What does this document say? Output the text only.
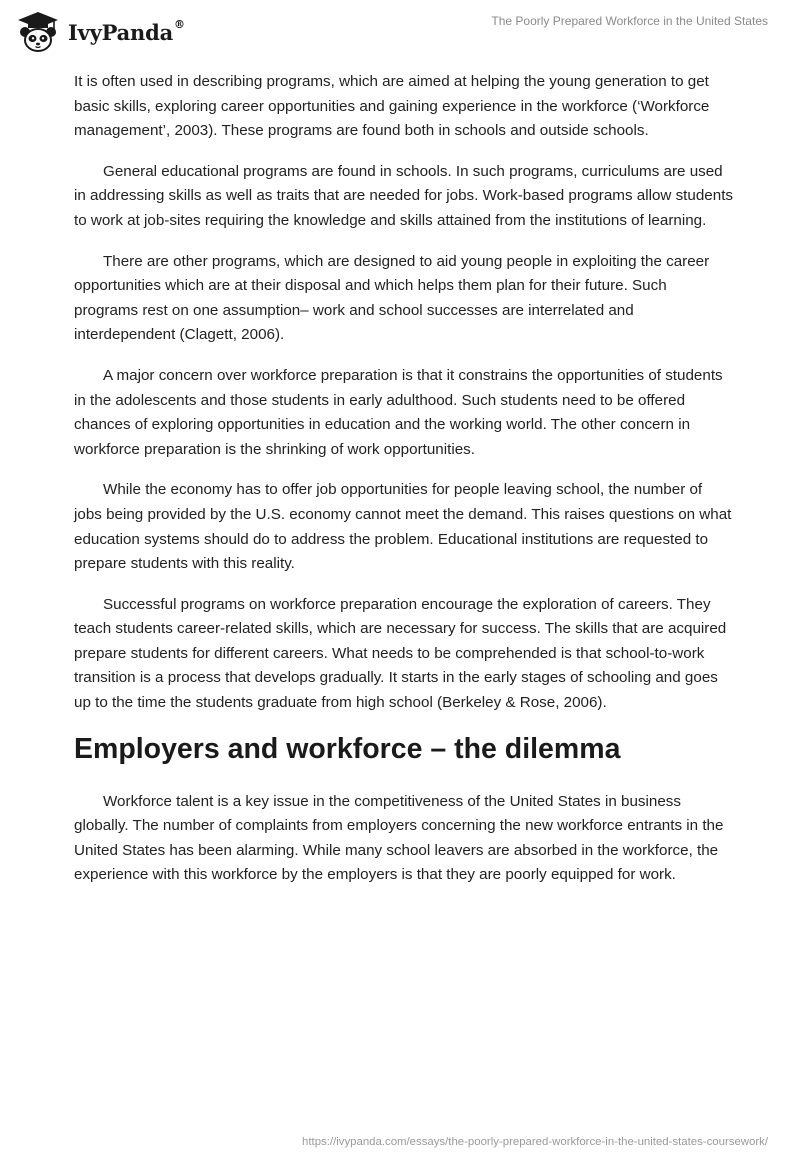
IvyPanda®	The Poorly Prepared Workforce in the United States

It is often used in describing programs, which are aimed at helping the young generation to get basic skills, exploring career opportunities and gaining experience in the workforce (‘Workforce management’, 2003). These programs are found both in schools and outside schools.

General educational programs are found in schools. In such programs, curriculums are used in addressing skills as well as traits that are needed for jobs. Work-based programs allow students to work at job-sites requiring the knowledge and skills attained from the institutions of learning.

There are other programs, which are designed to aid young people in exploiting the career opportunities which are at their disposal and which helps them plan for their future. Such programs rest on one assumption– work and school successes are interrelated and interdependent (Clagett, 2006).

A major concern over workforce preparation is that it constrains the opportunities of students in the adolescents and those students in early adulthood. Such students need to be offered chances of exploring opportunities in education and the working world. The other concern in workforce preparation is the shrinking of work opportunities.

While the economy has to offer job opportunities for people leaving school, the number of jobs being provided by the U.S. economy cannot meet the demand. This raises questions on what education systems should do to address the problem. Educational institutions are requested to prepare students with this reality.

Successful programs on workforce preparation encourage the exploration of careers. They teach students career-related skills, which are necessary for success. The skills that are acquired prepare students for different careers. What needs to be comprehended is that school-to-work transition is a process that develops gradually. It starts in the early stages of schooling and goes up to the time the students graduate from high school (Berkeley & Rose, 2006).

Employers and workforce – the dilemma

Workforce talent is a key issue in the competitiveness of the United States in business globally. The number of complaints from employers concerning the new workforce entrants in the United States has been alarming. While many school leavers are absorbed in the workforce, the experience with this workforce by the employers is that they are poorly equipped for work.

https://ivypanda.com/essays/the-poorly-prepared-workforce-in-the-united-states-coursework/
